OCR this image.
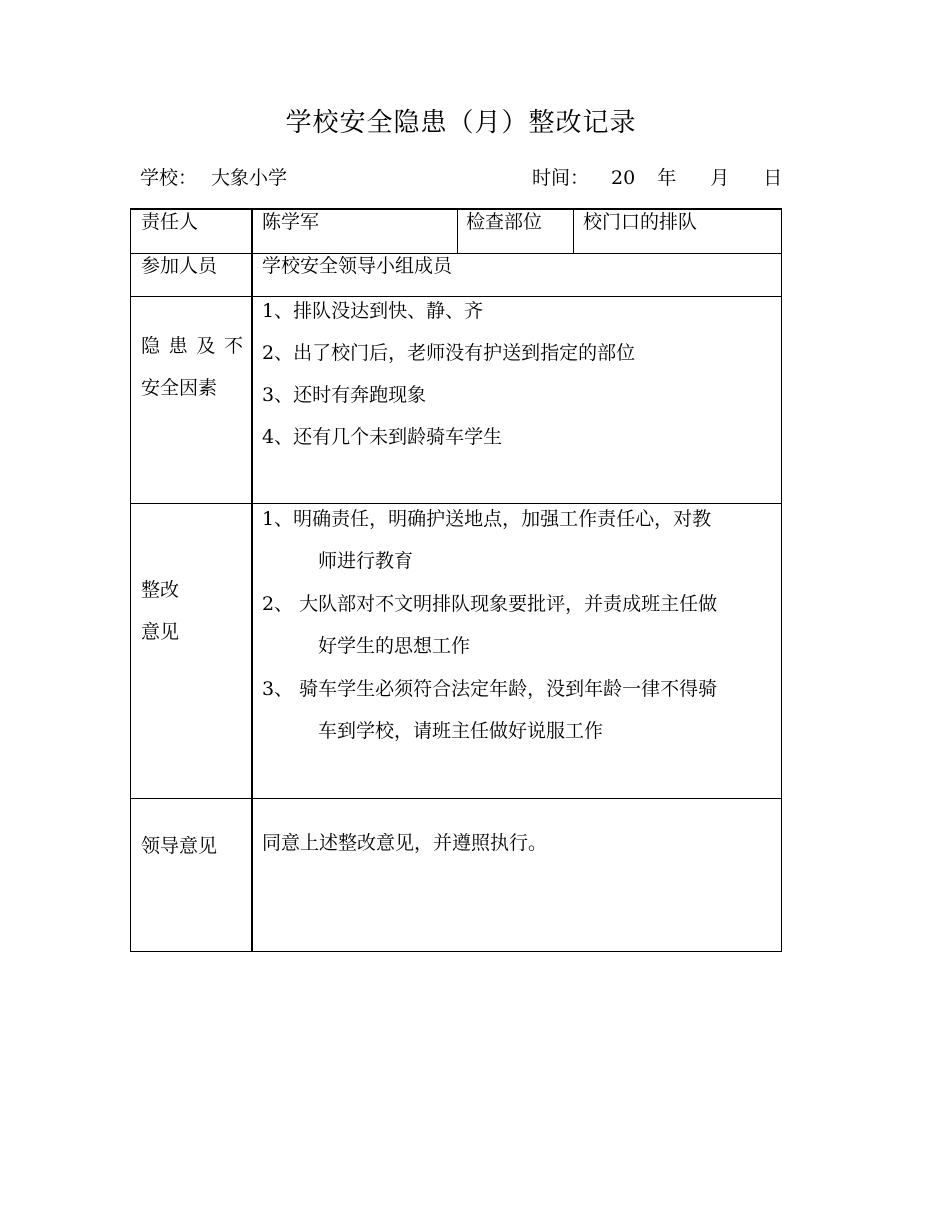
学校安全隐患（月）整改记录
学校： 大象小学	时间： 20 年 月 日
责任人	陈学军	检查部位 校门口的排队
参加人员 学校安全领导小组成员
隐 患 及 不
安全因素
1、排队没达到快、静、齐
2、出了校门后，老师没有护送到指定的部位
3、还时有奔跑现象
4、还有几个未到龄骑车学生
整改
意见
1、明确责任，明确护送地点，加强工作责任心，对教
师进行教育
2、 大队部对不文明排队现象要批评，并责成班主任做
好学生的思想工作
3、 骑车学生必须符合法定年龄，没到年龄一律不得骑
车到学校，请班主任做好说服工作
领导意见 同意上述整改意见，并遵照执行。
